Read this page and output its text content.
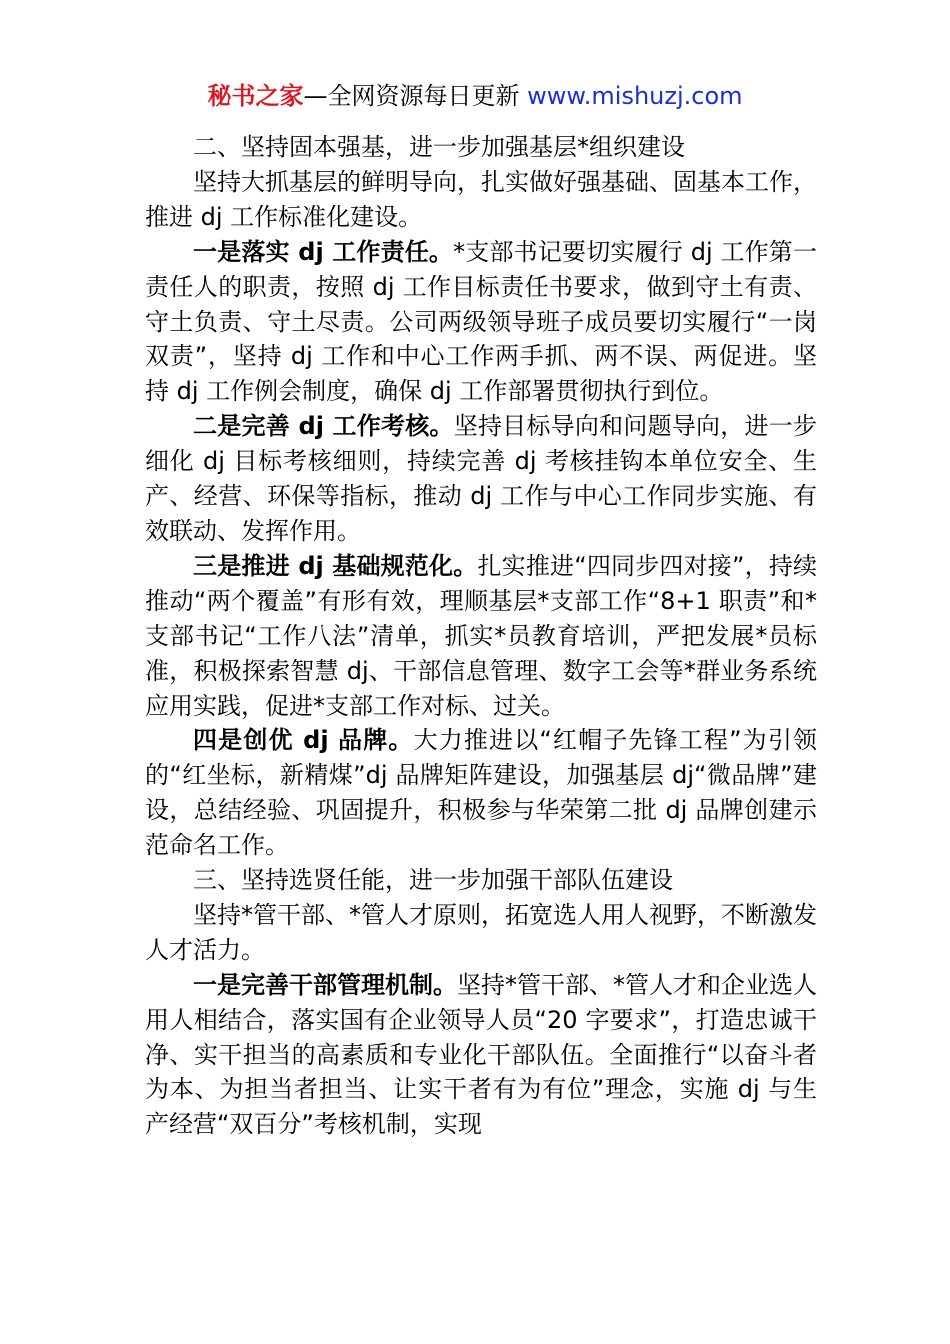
秘书之家—全网资源每日更新 www.mishuzj.com

二、坚持固本强基，进一步加强基层*组织建设

坚持大抓基层的鲜明导向，扎实做好强基础、固基本工作，推进 dj 工作标准化建设。

一是落实 dj 工作责任。*支部书记要切实履行 dj 工作第一责任人的职责，按照 dj 工作目标责任书要求，做到守土有责、守土负责、守土尽责。公司两级领导班子成员要切实履行“一岗双责”，坚持 dj 工作和中心工作两手抓、两不误、两促进。坚持 dj 工作例会制度，确保 dj 工作部署贯彻执行到位。

二是完善 dj 工作考核。坚持目标导向和问题导向，进一步细化 dj 目标考核细则，持续完善 dj 考核挂钩本单位安全、生产、经营、环保等指标，推动 dj 工作与中心工作同步实施、有效联动、发挥作用。

三是推进 dj 基础规范化。扎实推进“四同步四对接”，持续推动“两个覆盖”有形有效，理顺基层*支部工作“8+1 职责”和*支部书记“工作八法”清单，抓实*员教育培训，严把发展*员标准，积极探索智慧 dj、干部信息管理、数字工会等*群业务系统应用实践，促进*支部工作对标、过关。

四是创优 dj 品牌。大力推进以“红帽子先锋工程”为引领的“红坐标，新精煤”dj 品牌矩阵建设，加强基层 dj“微品牌”建设，总结经验、巩固提升，积极参与华荣第二批 dj 品牌创建示范命名工作。

三、坚持选贤任能，进一步加强干部队伍建设

坚持*管干部、*管人才原则，拓宽选人用人视野，不断激发人才活力。

一是完善干部管理机制。坚持*管干部、*管人才和企业选人用人相结合，落实国有企业领导人员“20 字要求”，打造忠诚干净、实干担当的高素质和专业化干部队伍。全面推行“以奋斗者为本、为担当者担当、让实干者有为有位”理念，实施 dj 与生产经营“双百分”考核机制，实现
